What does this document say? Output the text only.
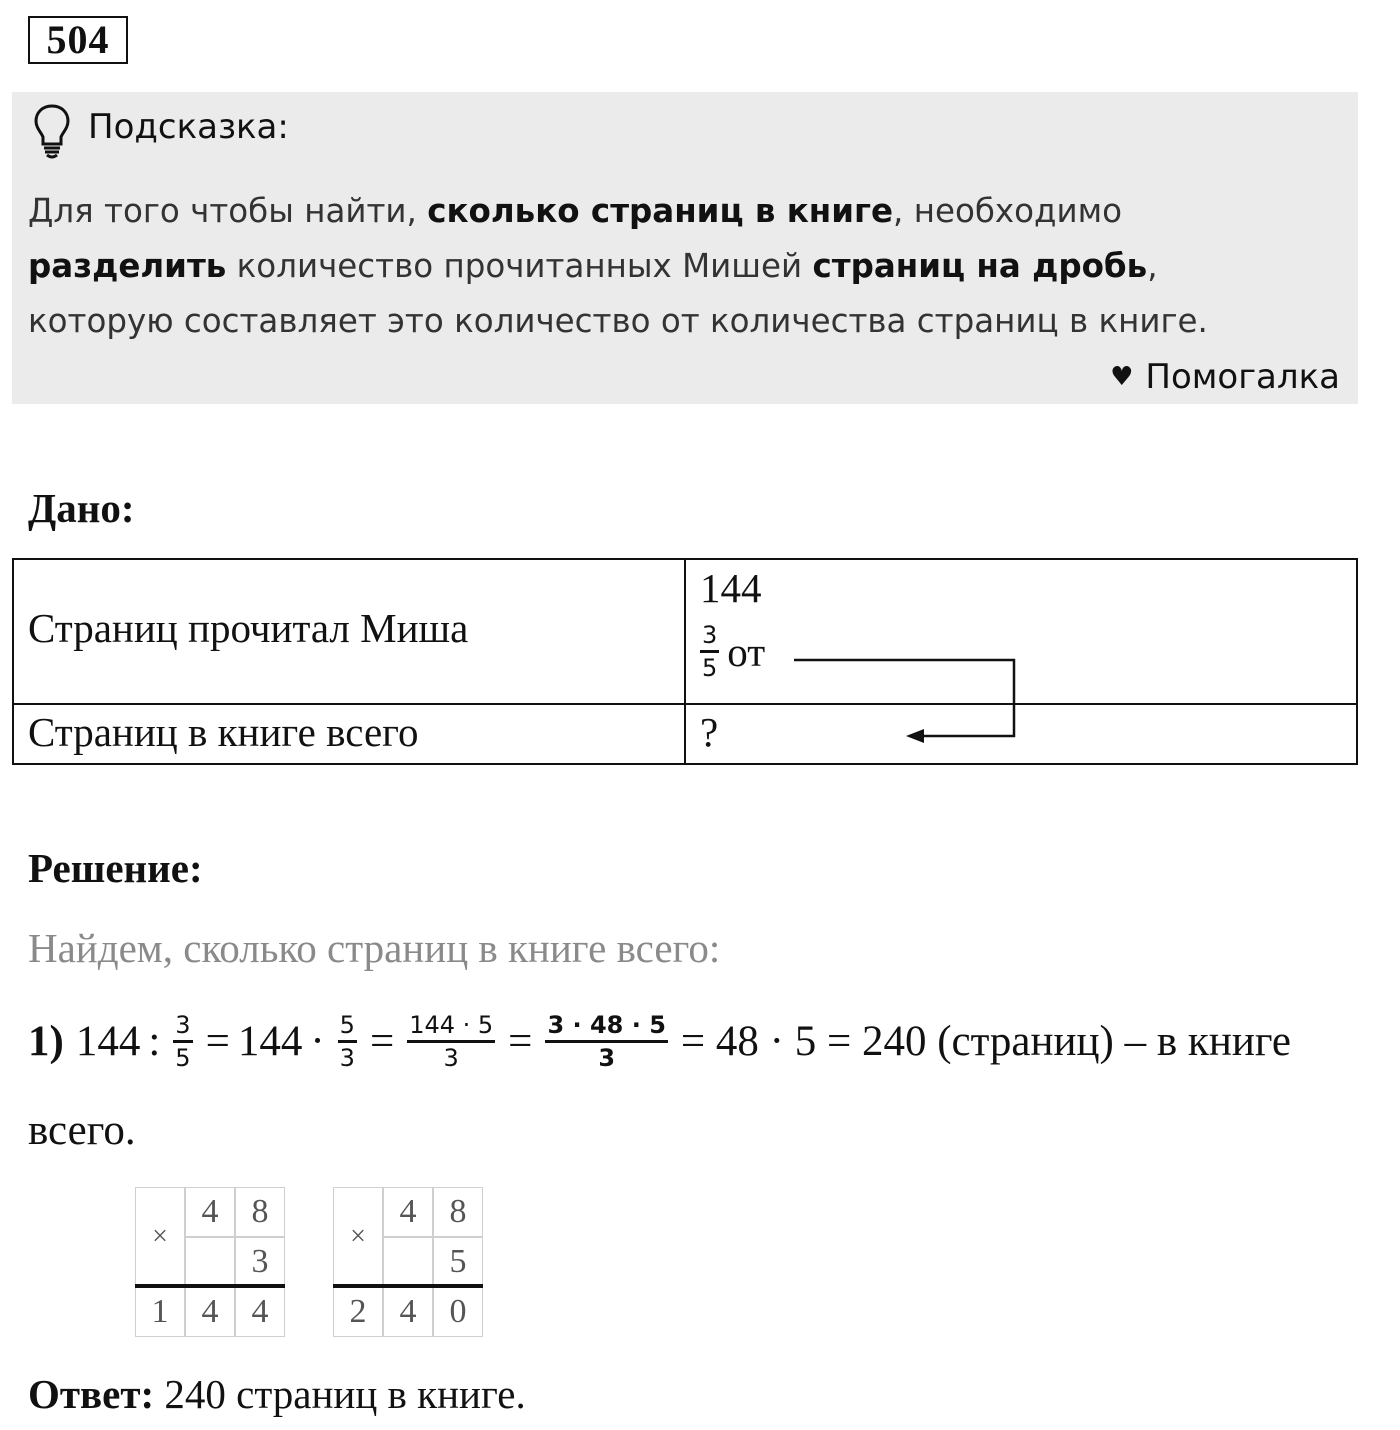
504
Подсказка:
Для того чтобы найти, сколько страниц в книге, необходимо
разделить количество прочитанных Мишей страниц на дробь,
которую составляет это количество от количества страниц в книге.
♥ Помогалка
Дано:
Страниц прочитал Миша
144
$\frac{3}{5}$ от
Страниц в книге всего	?
Решение:
Найдем, сколько страниц в книге всего:
1) 144 : $\frac{3}{5} = 144 \cdot \frac{5}{3} = \frac{144 \cdot 5}{3} = \frac{3 \cdot 48 \cdot 5}{3} = 48 \cdot 5 = 240$ (страниц) – в книге
всего.
×
4 8
3
1 4 4
×
4 8
5
2 4 0
Ответ: 240 страниц в книге.
